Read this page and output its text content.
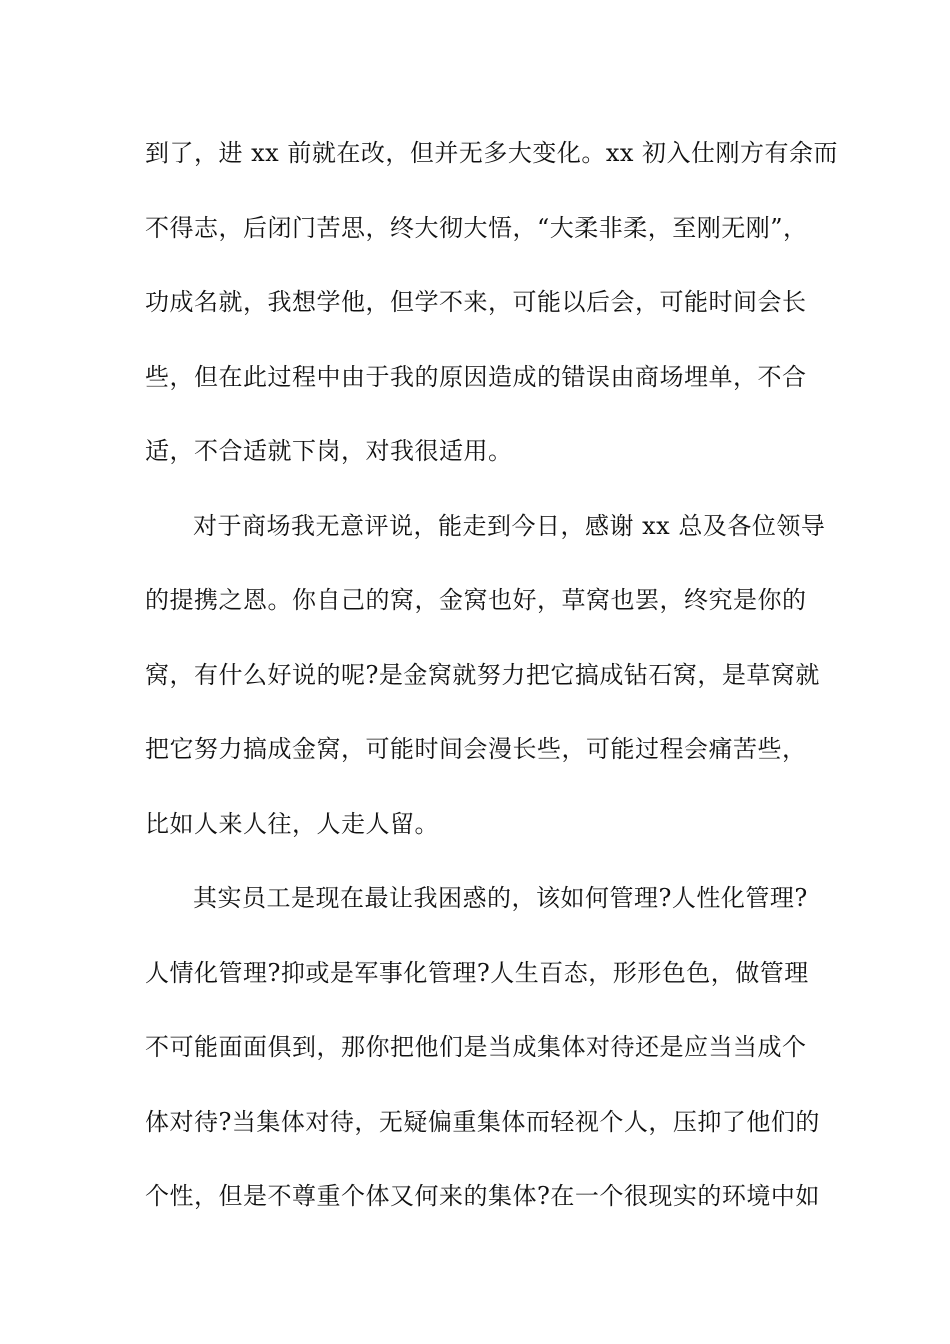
到了，进 xx 前就在改，但并无多大变化。xx 初入仕刚方有余而
不得志，后闭门苦思，终大彻大悟，“大柔非柔，至刚无刚”，
功成名就，我想学他，但学不来，可能以后会，可能时间会长
些，但在此过程中由于我的原因造成的错误由商场埋单，不合
适，不合适就下岗，对我很适用。
对于商场我无意评说，能走到今日，感谢 xx 总及各位领导
的提携之恩。你自己的窝，金窝也好，草窝也罢，终究是你的
窝，有什么好说的呢?是金窝就努力把它搞成钻石窝，是草窝就
把它努力搞成金窝，可能时间会漫长些，可能过程会痛苦些，
比如人来人往，人走人留。
其实员工是现在最让我困惑的，该如何管理?人性化管理?
人情化管理?抑或是军事化管理?人生百态，形形色色，做管理
不可能面面俱到，那你把他们是当成集体对待还是应当当成个
体对待?当集体对待，无疑偏重集体而轻视个人，压抑了他们的
个性，但是不尊重个体又何来的集体?在一个很现实的环境中如
